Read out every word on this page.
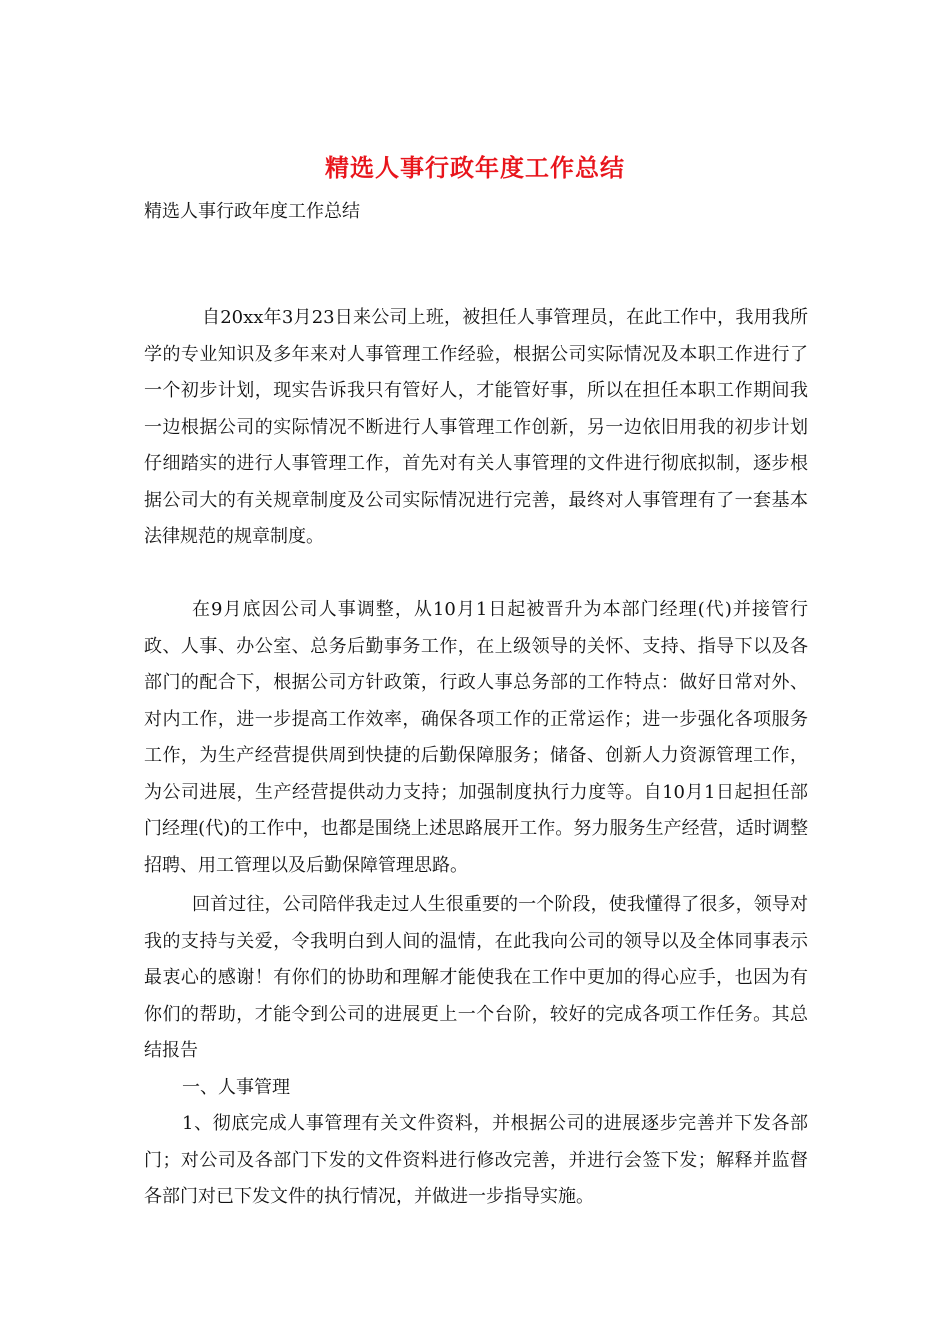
精选人事行政年度工作总结
精选人事行政年度工作总结
自20xx年3月23日来公司上班，被担任人事管理员，在此工作中，我用我所学的专业知识及多年来对人事管理工作经验，根据公司实际情况及本职工作进行了一个初步计划，现实告诉我只有管好人，才能管好事，所以在担任本职工作期间我一边根据公司的实际情况不断进行人事管理工作创新，另一边依旧用我的初步计划仔细踏实的进行人事管理工作，首先对有关人事管理的文件进行彻底拟制，逐步根据公司大的有关规章制度及公司实际情况进行完善，最终对人事管理有了一套基本法律规范的规章制度。
在9月底因公司人事调整，从10月1日起被晋升为本部门经理(代)并接管行政、人事、办公室、总务后勤事务工作，在上级领导的关怀、支持、指导下以及各部门的配合下，根据公司方针政策，行政人事总务部的工作特点：做好日常对外、对内工作，进一步提高工作效率，确保各项工作的正常运作；进一步强化各项服务工作，为生产经营提供周到快捷的后勤保障服务；储备、创新人力资源管理工作，为公司进展，生产经营提供动力支持；加强制度执行力度等。自10月1日起担任部门经理(代)的工作中，也都是围绕上述思路展开工作。努力服务生产经营，适时调整招聘、用工管理以及后勤保障管理思路。
回首过往，公司陪伴我走过人生很重要的一个阶段，使我懂得了很多，领导对我的支持与关爱，令我明白到人间的温情，在此我向公司的领导以及全体同事表示最衷心的感谢！有你们的协助和理解才能使我在工作中更加的得心应手，也因为有你们的帮助，才能令到公司的进展更上一个台阶，较好的完成各项工作任务。其总结报告
一、人事管理
1、彻底完成人事管理有关文件资料，并根据公司的进展逐步完善并下发各部门；对公司及各部门下发的文件资料进行修改完善，并进行会签下发；解释并监督各部门对已下发文件的执行情况，并做进一步指导实施。
